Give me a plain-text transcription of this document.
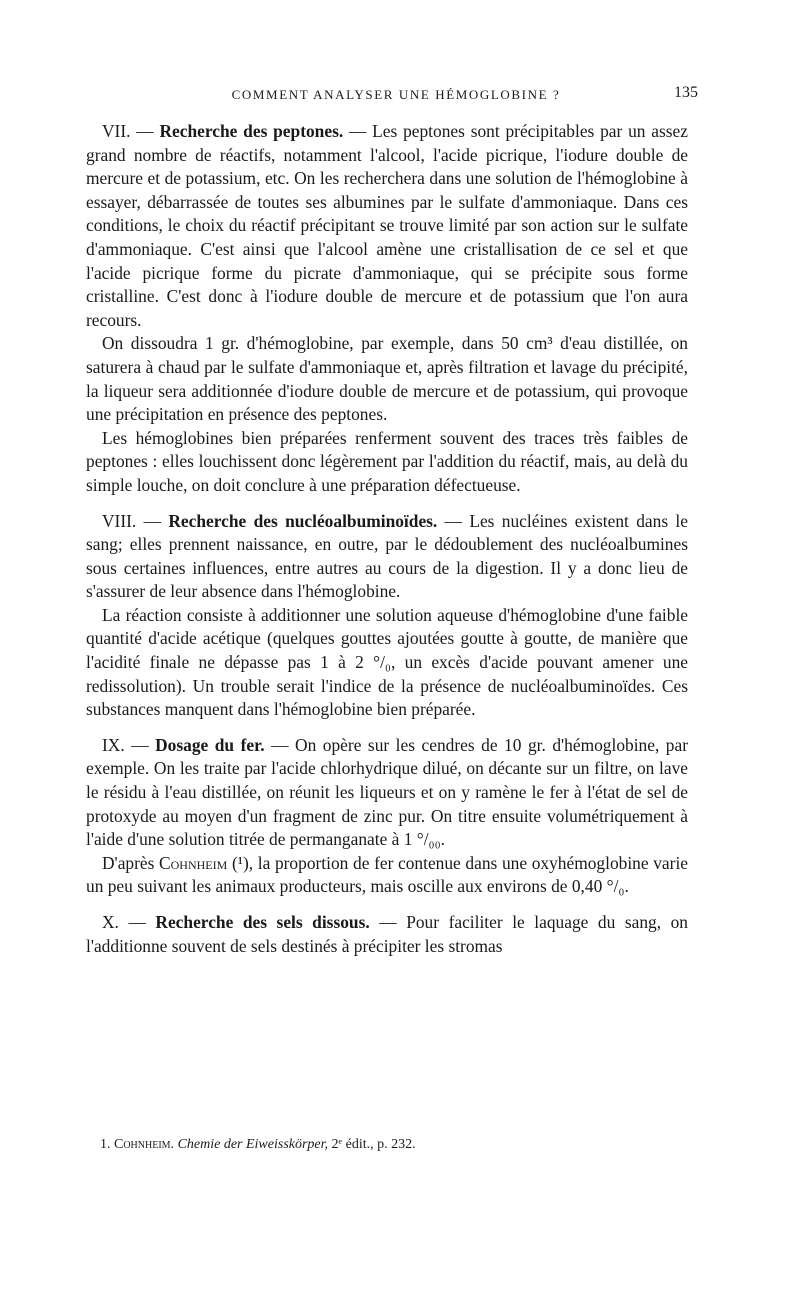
COMMENT ANALYSER UNE HÉMOGLOBINE ?	135

VII. — Recherche des peptones. — Les peptones sont précipitables par un assez grand nombre de réactifs, notamment l'alcool, l'acide picrique, l'iodure double de mercure et de potassium, etc. On les recherchera dans une solution de l'hémoglobine à essayer, débarrassée de toutes ses albumines par le sulfate d'ammoniaque. Dans ces conditions, le choix du réactif précipitant se trouve limité par son action sur le sulfate d'ammoniaque. C'est ainsi que l'alcool amène une cristallisation de ce sel et que l'acide picrique forme du picrate d'ammoniaque, qui se précipite sous forme cristalline. C'est donc à l'iodure double de mercure et de potassium que l'on aura recours.

On dissoudra 1 gr. d'hémoglobine, par exemple, dans 50 cm³ d'eau distillée, on saturera à chaud par le sulfate d'ammoniaque et, après filtration et lavage du précipité, la liqueur sera additionnée d'iodure double de mercure et de potassium, qui provoque une précipitation en présence des peptones.

Les hémoglobines bien préparées renferment souvent des traces très faibles de peptones : elles louchissent donc légèrement par l'addition du réactif, mais, au delà du simple louche, on doit conclure à une préparation défectueuse.

VIII. — Recherche des nucléoalbuminoïdes. — Les nucléines existent dans le sang; elles prennent naissance, en outre, par le dédoublement des nucléoalbumines sous certaines influences, entre autres au cours de la digestion. Il y a donc lieu de s'assurer de leur absence dans l'hémoglobine.

La réaction consiste à additionner une solution aqueuse d'hémoglobine d'une faible quantité d'acide acétique (quelques gouttes ajoutées goutte à goutte, de manière que l'acidité finale ne dépasse pas 1 à 2 °/₀, un excès d'acide pouvant amener une redissolution). Un trouble serait l'indice de la présence de nucléoalbuminoïdes. Ces substances manquent dans l'hémoglobine bien préparée.

IX. — Dosage du fer. — On opère sur les cendres de 10 gr. d'hémoglobine, par exemple. On les traite par l'acide chlorhydrique dilué, on décante sur un filtre, on lave le résidu à l'eau distillée, on réunit les liqueurs et on y ramène le fer à l'état de sel de protoxyde au moyen d'un fragment de zinc pur. On titre ensuite volumétriquement à l'aide d'une solution titrée de permanganate à 1 °/₀₀.

D'après Cohnheim (¹), la proportion de fer contenue dans une oxyhémoglobine varie un peu suivant les animaux producteurs, mais oscille aux environs de 0,40 °/₀.

X. — Recherche des sels dissous. — Pour faciliter le laquage du sang, on l'additionne souvent de sels destinés à précipiter les stromas

1. Cohnheim. Chemie der Eiweisskörper, 2ᵉ édit., p. 232.
